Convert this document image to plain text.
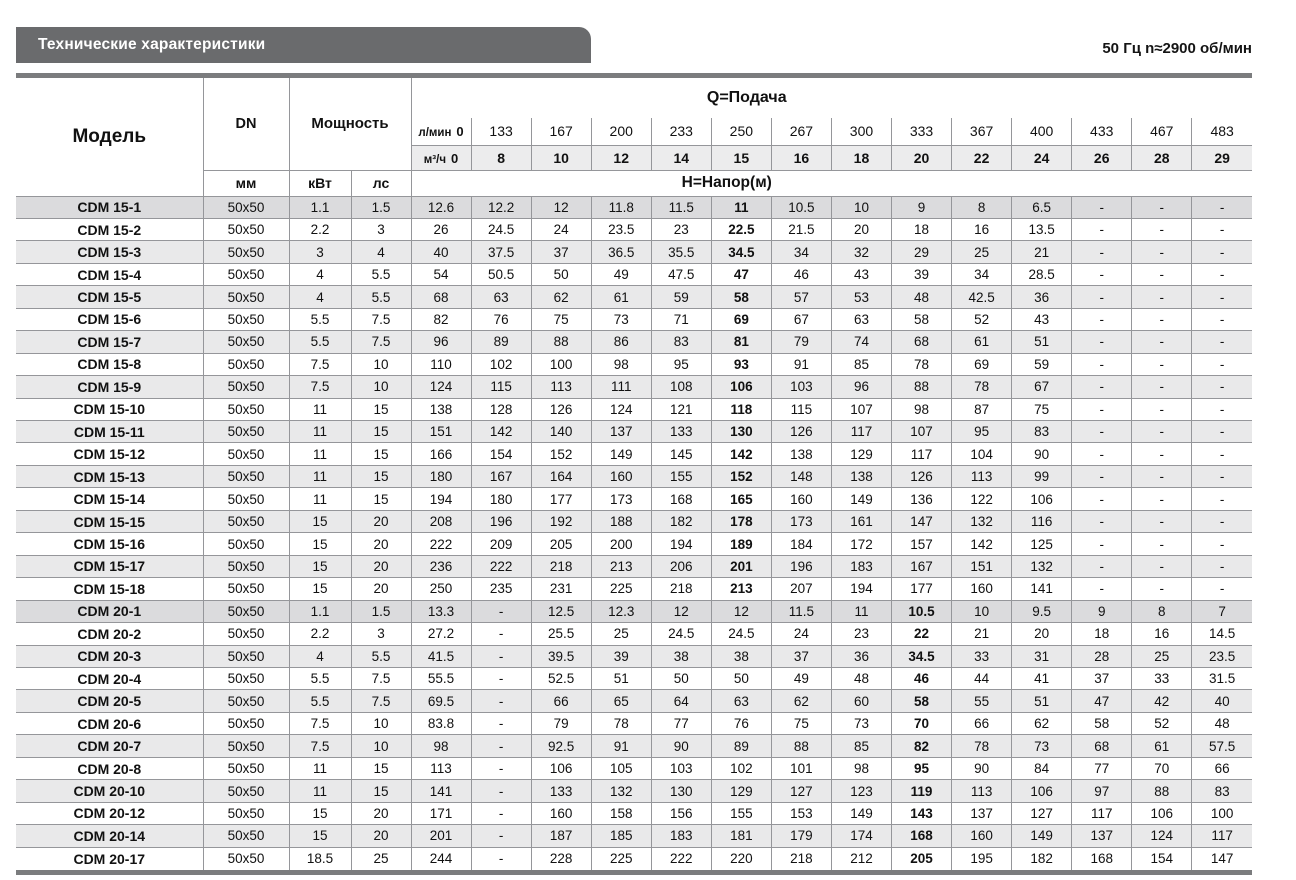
Технические характеристики	50 Гц n≈2900 об/мин
Модель	DN	Мощность		Q=Подача													
				л/мин 0	133	167	200	233	250	267	300	333	367	400	433	467	483
				м³/ч 0	8	10	12	14	15	16	18	20	22	24	26	28	29
	мм	кВт	лс	Н=Напор(м)													
CDM 15-1	50x50	1.1	1.5	12.6	12.2	12	11.8	11.5	11	10.5	10	9	8	6.5	-	-	-
CDM 15-2	50x50	2.2	3	26	24.5	24	23.5	23	22.5	21.5	20	18	16	13.5	-	-	-
CDM 15-3	50x50	3	4	40	37.5	37	36.5	35.5	34.5	34	32	29	25	21	-	-	-
CDM 15-4	50x50	4	5.5	54	50.5	50	49	47.5	47	46	43	39	34	28.5	-	-	-
CDM 15-5	50x50	4	5.5	68	63	62	61	59	58	57	53	48	42.5	36	-	-	-
CDM 15-6	50x50	5.5	7.5	82	76	75	73	71	69	67	63	58	52	43	-	-	-
CDM 15-7	50x50	5.5	7.5	96	89	88	86	83	81	79	74	68	61	51	-	-	-
CDM 15-8	50x50	7.5	10	110	102	100	98	95	93	91	85	78	69	59	-	-	-
CDM 15-9	50x50	7.5	10	124	115	113	111	108	106	103	96	88	78	67	-	-	-
CDM 15-10	50x50	11	15	138	128	126	124	121	118	115	107	98	87	75	-	-	-
CDM 15-11	50x50	11	15	151	142	140	137	133	130	126	117	107	95	83	-	-	-
CDM 15-12	50x50	11	15	166	154	152	149	145	142	138	129	117	104	90	-	-	-
CDM 15-13	50x50	11	15	180	167	164	160	155	152	148	138	126	113	99	-	-	-
CDM 15-14	50x50	11	15	194	180	177	173	168	165	160	149	136	122	106	-	-	-
CDM 15-15	50x50	15	20	208	196	192	188	182	178	173	161	147	132	116	-	-	-
CDM 15-16	50x50	15	20	222	209	205	200	194	189	184	172	157	142	125	-	-	-
CDM 15-17	50x50	15	20	236	222	218	213	206	201	196	183	167	151	132	-	-	-
CDM 15-18	50x50	15	20	250	235	231	225	218	213	207	194	177	160	141	-	-	-
CDM 20-1	50x50	1.1	1.5	13.3	-	12.5	12.3	12	12	11.5	11	10.5	10	9.5	9	8	7
CDM 20-2	50x50	2.2	3	27.2	-	25.5	25	24.5	24.5	24	23	22	21	20	18	16	14.5
CDM 20-3	50x50	4	5.5	41.5	-	39.5	39	38	38	37	36	34.5	33	31	28	25	23.5
CDM 20-4	50x50	5.5	7.5	55.5	-	52.5	51	50	50	49	48	46	44	41	37	33	31.5
CDM 20-5	50x50	5.5	7.5	69.5	-	66	65	64	63	62	60	58	55	51	47	42	40
CDM 20-6	50x50	7.5	10	83.8	-	79	78	77	76	75	73	70	66	62	58	52	48
CDM 20-7	50x50	7.5	10	98	-	92.5	91	90	89	88	85	82	78	73	68	61	57.5
CDM 20-8	50x50	11	15	113	-	106	105	103	102	101	98	95	90	84	77	70	66
CDM 20-10	50x50	11	15	141	-	133	132	130	129	127	123	119	113	106	97	88	83
CDM 20-12	50x50	15	20	171	-	160	158	156	155	153	149	143	137	127	117	106	100
CDM 20-14	50x50	15	20	201	-	187	185	183	181	179	174	168	160	149	137	124	117
CDM 20-17	50x50	18.5	25	244	-	228	225	222	220	218	212	205	195	182	168	154	147
